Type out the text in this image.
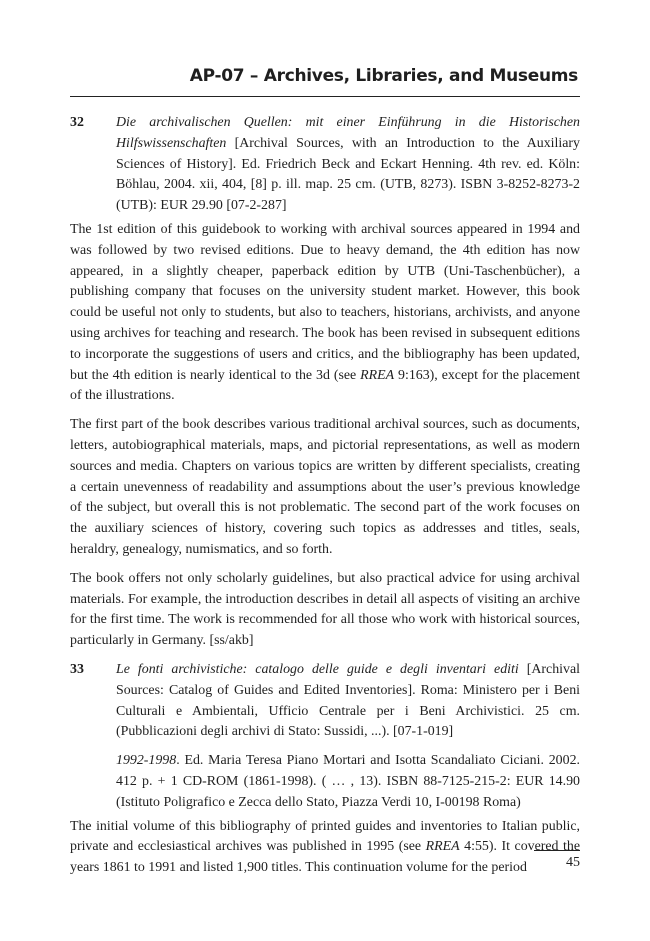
AP-07 – Archives, Libraries, and Museums
32	Die archivalischen Quellen: mit einer Einführung in die Historischen Hilfswissenschaften [Archival Sources, with an Introduction to the Auxiliary Sciences of History]. Ed. Friedrich Beck and Eckart Henning. 4th rev. ed. Köln: Böhlau, 2004. xii, 404, [8] p. ill. map. 25 cm. (UTB, 8273). ISBN 3-8252-8273-2 (UTB): EUR 29.90 [07-2-287]

The 1st edition of this guidebook to working with archival sources appeared in 1994 and was followed by two revised editions. Due to heavy demand, the 4th edition has now appeared, in a slightly cheaper, paperback edition by UTB (Uni-Taschenbücher), a publishing company that focuses on the university student market. However, this book could be useful not only to students, but also to teachers, historians, archivists, and anyone using archives for teaching and research. The book has been revised in subsequent editions to incorporate the suggestions of users and critics, and the bibliography has been updated, but the 4th edition is nearly identical to the 3d (see RREA 9:163), except for the placement of the illustrations.

The first part of the book describes various traditional archival sources, such as documents, letters, autobiographical materials, maps, and pictorial representations, as well as modern sources and media. Chapters on various topics are written by different specialists, creating a certain unevenness of readability and assumptions about the user’s previous knowledge of the subject, but overall this is not problematic. The second part of the work focuses on the auxiliary sciences of history, covering such topics as addresses and titles, seals, heraldry, genealogy, numismatics, and so forth.

The book offers not only scholarly guidelines, but also practical advice for using archival materials. For example, the introduction describes in detail all aspects of visiting an archive for the first time. The work is recommended for all those who work with historical sources, particularly in Germany. [ss/akb]

33	Le fonti archivistiche: catalogo delle guide e degli inventari editi [Archival Sources: Catalog of Guides and Edited Inventories]. Roma: Ministero per i Beni Culturali e Ambientali, Ufficio Centrale per i Beni Archivistici. 25 cm. (Pubblicazioni degli archivi di Stato: Sussidi, ...). [07-1-019]

1992-1998. Ed. Maria Teresa Piano Mortari and Isotta Scandaliato Ciciani. 2002. 412 p. + 1 CD-ROM (1861-1998). ( … , 13). ISBN 88-7125-215-2: EUR 14.90 (Istituto Poligrafico e Zecca dello Stato, Piazza Verdi 10, I-00198 Roma)

The initial volume of this bibliography of printed guides and inventories to Italian public, private and ecclesiastical archives was published in 1995 (see RREA 4:55). It covered the years 1861 to 1991 and listed 1,900 titles. This continuation volume for the period	45
